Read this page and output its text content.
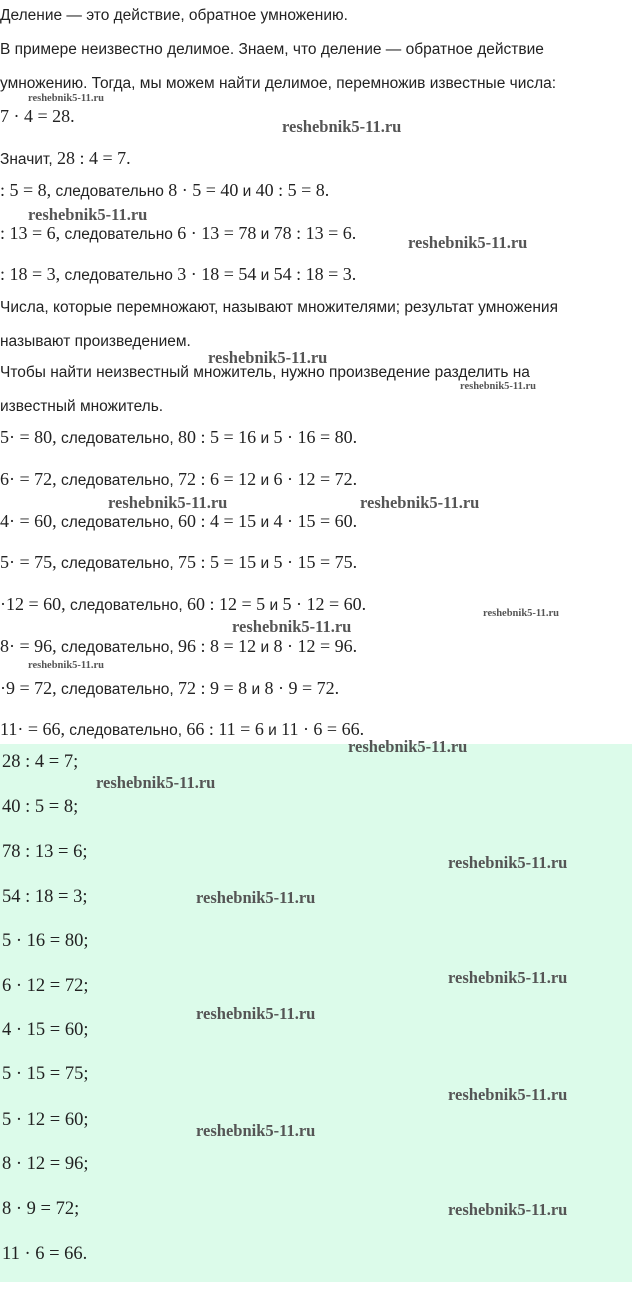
Деление — это действие, обратное умножению.
В примере неизвестно делимое. Знаем, что деление — обратное действие
умножению. Тогда, мы можем найти делимое, перемножив известные числа:
7 · 4 = 28.
Значит, 28 : 4 = 7.
: 5 = 8, следовательно 8 · 5 = 40 и 40 : 5 = 8.
: 13 = 6, следовательно 6 · 13 = 78 и 78 : 13 = 6.
: 18 = 3, следовательно 3 · 18 = 54 и 54 : 18 = 3.
Числа, которые перемножают, называют множителями; результат умножения
называют произведением.
Чтобы найти неизвестный множитель, нужно произведение разделить на
известный множитель.
5· = 80, следовательно, 80 : 5 = 16 и 5 · 16 = 80.
6· = 72, следовательно, 72 : 6 = 12 и 6 · 12 = 72.
4· = 60, следовательно, 60 : 4 = 15 и 4 · 15 = 60.
5· = 75, следовательно, 75 : 5 = 15 и 5 · 15 = 75.
·12 = 60, следовательно, 60 : 12 = 5 и 5 · 12 = 60.
8· = 96, следовательно, 96 : 8 = 12 и 8 · 12 = 96.
·9 = 72, следовательно, 72 : 9 = 8 и 8 · 9 = 72.
11· = 66, следовательно, 66 : 11 = 6 и 11 · 6 = 66.
28 : 4 = 7;
40 : 5 = 8;
78 : 13 = 6;
54 : 18 = 3;
5 · 16 = 80;
6 · 12 = 72;
4 · 15 = 60;
5 · 15 = 75;
5 · 12 = 60;
8 · 12 = 96;
8 · 9 = 72;
11 · 6 = 66.
reshebnik5-11.ru
reshebnik5-11.ru
reshebnik5-11.ru
reshebnik5-11.ru
reshebnik5-11.ru
reshebnik5-11.ru
reshebnik5-11.ru	reshebnik5-11.ru
reshebnik5-11.ru
reshebnik5-11.ru
reshebnik5-11.ru
reshebnik5-11.ru
reshebnik5-11.ru
reshebnik5-11.ru
reshebnik5-11.ru
reshebnik5-11.ru
reshebnik5-11.ru
reshebnik5-11.ru
reshebnik5-11.ru
reshebnik5-11.ru
